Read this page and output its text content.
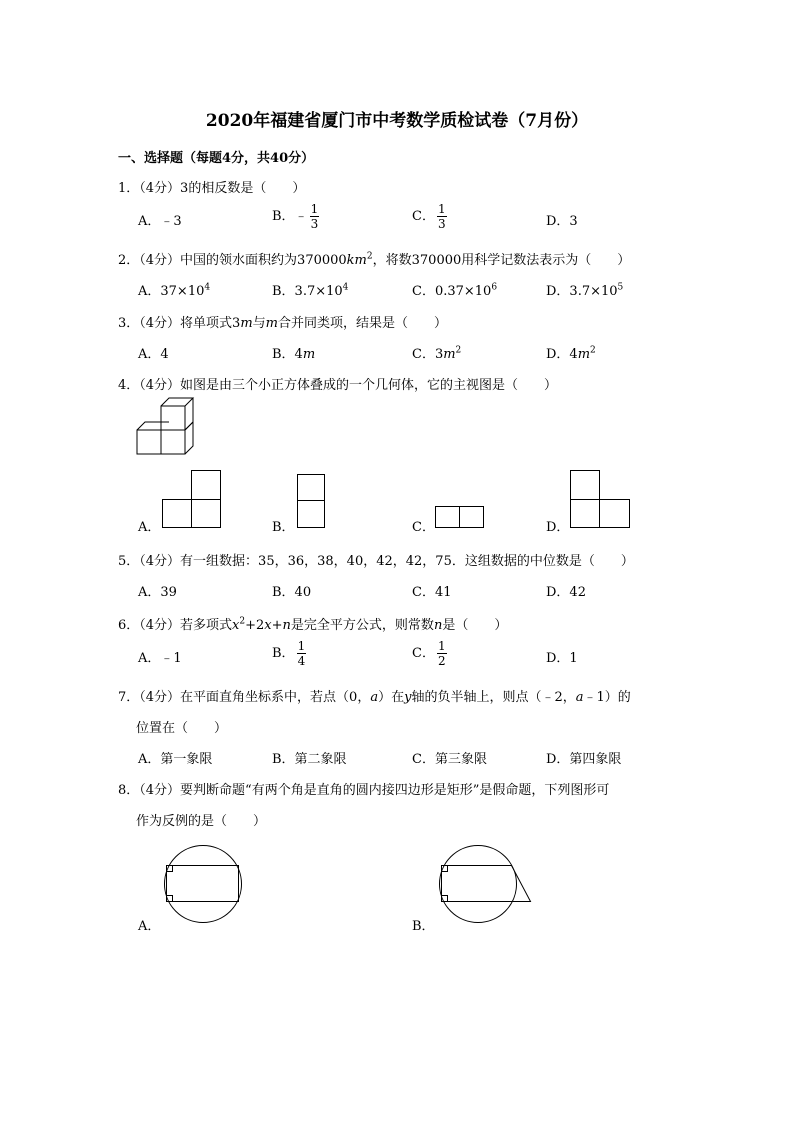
2020年福建省厦门市中考数学质检试卷（7月份）
一、选择题（每题4分，共40分）
1．（4分）3的相反数是（　　）
A．﹣3	B．﹣ $\frac{1}{3}$	C． $\frac{1}{3}$	D．3
2．（4分）中国的领水面积约为$370000km^2$，将数370000用科学记数法表示为（　　）
A．$37\times 10^4$	B．$3.7\times 10^4$	C．$0.37\times 10^6$	D．$3.7\times 10^5$
3．（4分）将单项式3m与m合并同类项，结果是（　　）
A．4	B．4m	C．$3m^2$	D．$4m^2$
4．（4分）如图是由三个小正方体叠成的一个几何体，它的主视图是（　　）
A．	B．	C．	D．
5．（4分）有一组数据：35，36，38，40，42，42，75．这组数据的中位数是（　　）
A．39	B．40	C．41	D．42
6．（4分）若多项式$x^2+2x+n$是完全平方公式，则常数n是（　　）
A．﹣1	B． $\frac{1}{4}$	C． $\frac{1}{2}$	D．1
7．（4分）在平面直角坐标系中，若点（0，a）在y轴的负半轴上，则点（﹣2，a﹣1）的
位置在（　　）
A．第一象限	B．第二象限	C．第三象限	D．第四象限
8．（4分）要判断命题“有两个角是直角的圆内接四边形是矩形”是假命题，下列图形可
作为反例的是（　　）
A．	B．
